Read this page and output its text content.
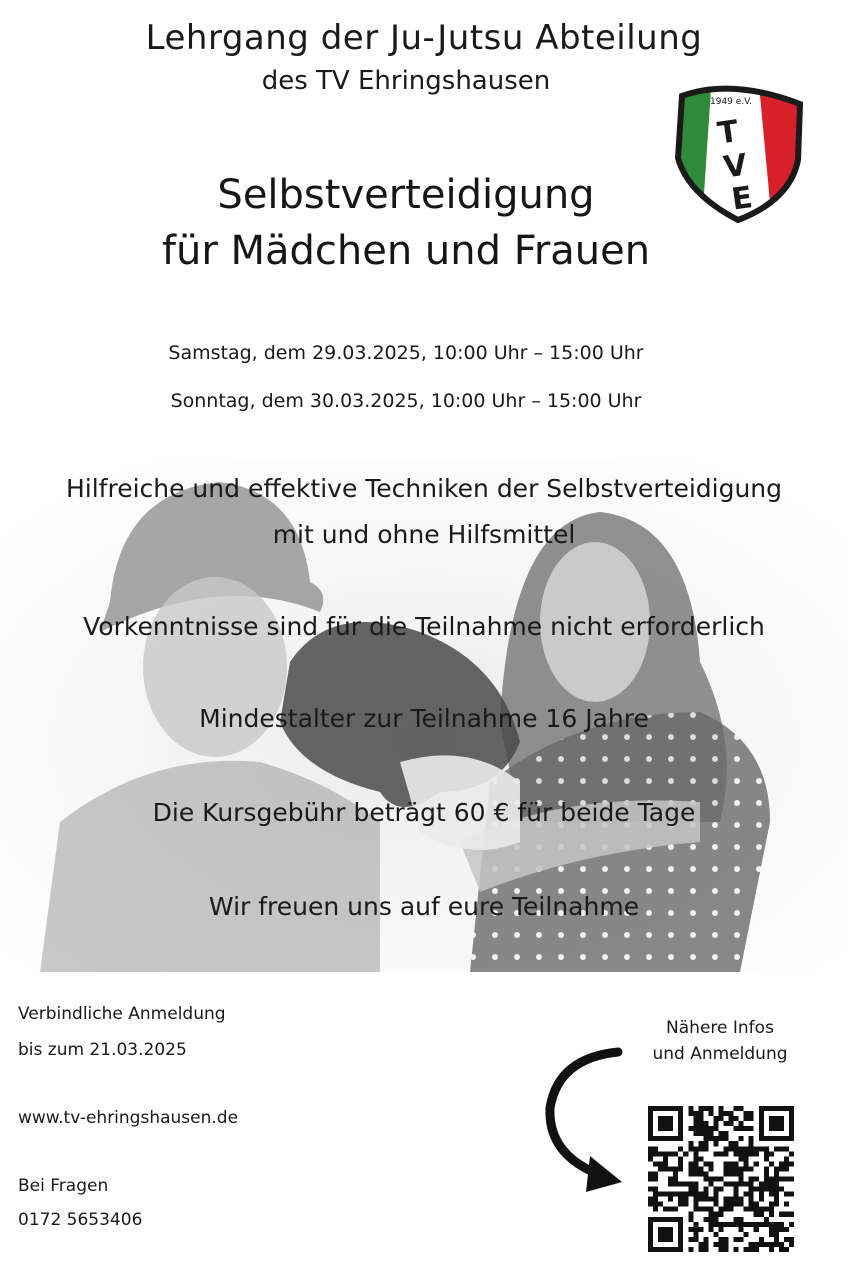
Lehrgang der Ju-Jutsu Abteilung
des TV Ehringshausen
1949 e.V.
T
V
E
Selbstverteidigung
für Mädchen und Frauen
Samstag, dem 29.03.2025, 10:00 Uhr – 15:00 Uhr
Sonntag, dem 30.03.2025, 10:00 Uhr – 15:00 Uhr
Hilfreiche und effektive Techniken der Selbstverteidigung
mit und ohne Hilfsmittel
Vorkenntnisse sind für die Teilnahme nicht erforderlich
Mindestalter zur Teilnahme 16 Jahre
Die Kursgebühr beträgt 60 € für beide Tage
Wir freuen uns auf eure Teilnahme
Verbindliche Anmeldung
bis zum 21.03.2025
www.tv-ehringshausen.de
Bei Fragen
0172 5653406
Nähere Infos
und Anmeldung
